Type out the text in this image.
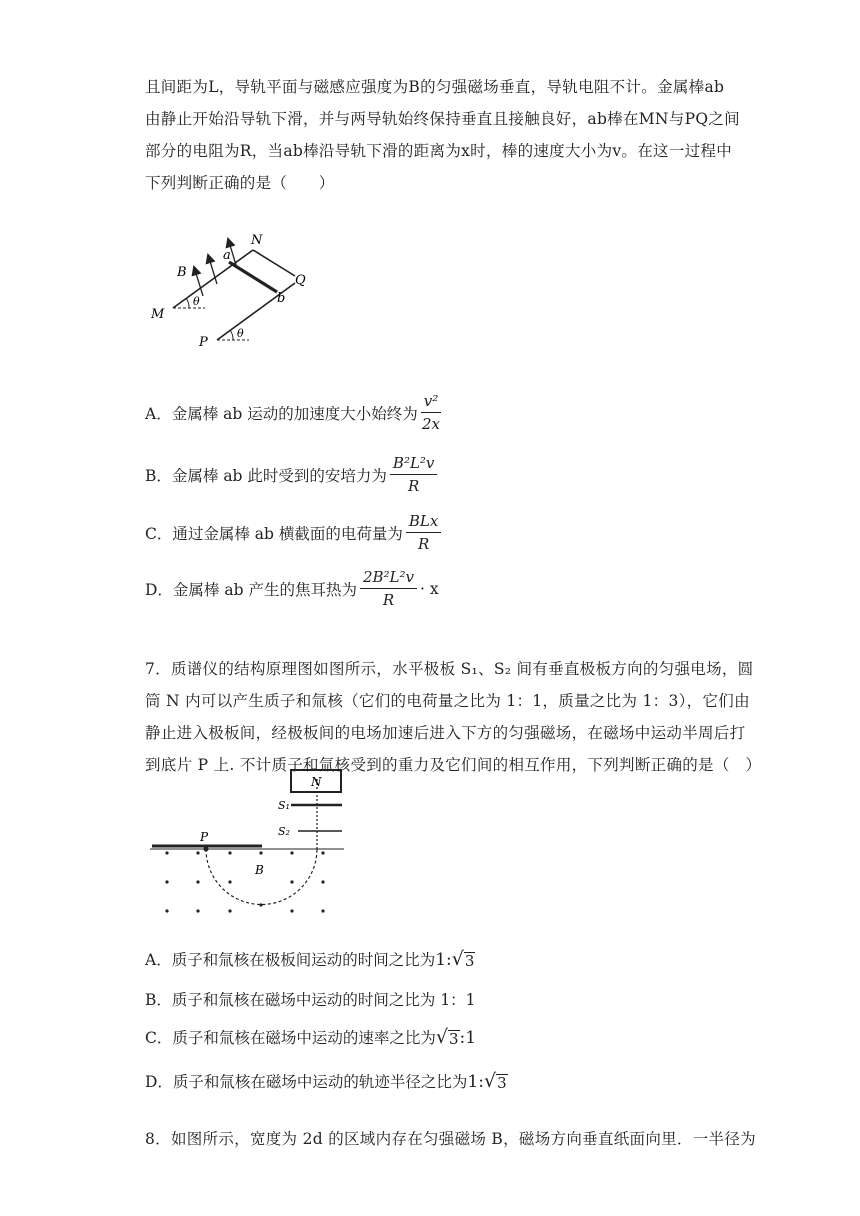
且间距为L，导轨平面与磁感应强度为B的匀强磁场垂直，导轨电阻不计。金属棒ab
由静止开始沿导轨下滑，并与两导轨始终保持垂直且接触良好，ab棒在MN与PQ之间
部分的电阻为R，当ab棒沿导轨下滑的距离为x时，棒的速度大小为v。在这一过程中
下列判断正确的是（　　）
B
a
N
Q
b
M
P
θ
θ
A．金属棒 ab 运动的加速度大小始终为 $\frac{\text{v²}}{2x}$
B．金属棒 ab 此时受到的安培力为 $\frac{\text{B²L²v}}{R}$
C．通过金属棒 ab 横截面的电荷量为 $\frac{\text{BLx}}{R}$
D．金属棒 ab 产生的焦耳热为 $\frac{\text{2B²L²v}}{R} \cdot x$
7．质谱仪的结构原理图如图所示，水平极板 S₁、S₂ 间有垂直极板方向的匀强电场，圆
筒 N 内可以产生质子和氚核（它们的电荷量之比为 1：1，质量之比为 1：3），它们由
静止进入极板间，经极板间的电场加速后进入下方的匀强磁场，在磁场中运动半周后打
到底片 P 上. 不计质子和氚核受到的重力及它们间的相互作用，下列判断正确的是（　）
N
S₁
S₂
P
B
A．质子和氚核在极板间运动的时间之比为 1: √ 3
B．质子和氚核在磁场中运动的时间之比为 1：1
C．质子和氚核在磁场中运动的速率之比为 √ 3 :1
D．质子和氚核在磁场中运动的轨迹半径之比为 1: √ 3
8．如图所示，宽度为 2d 的区域内存在匀强磁场 B，磁场方向垂直纸面向里．一半径为
